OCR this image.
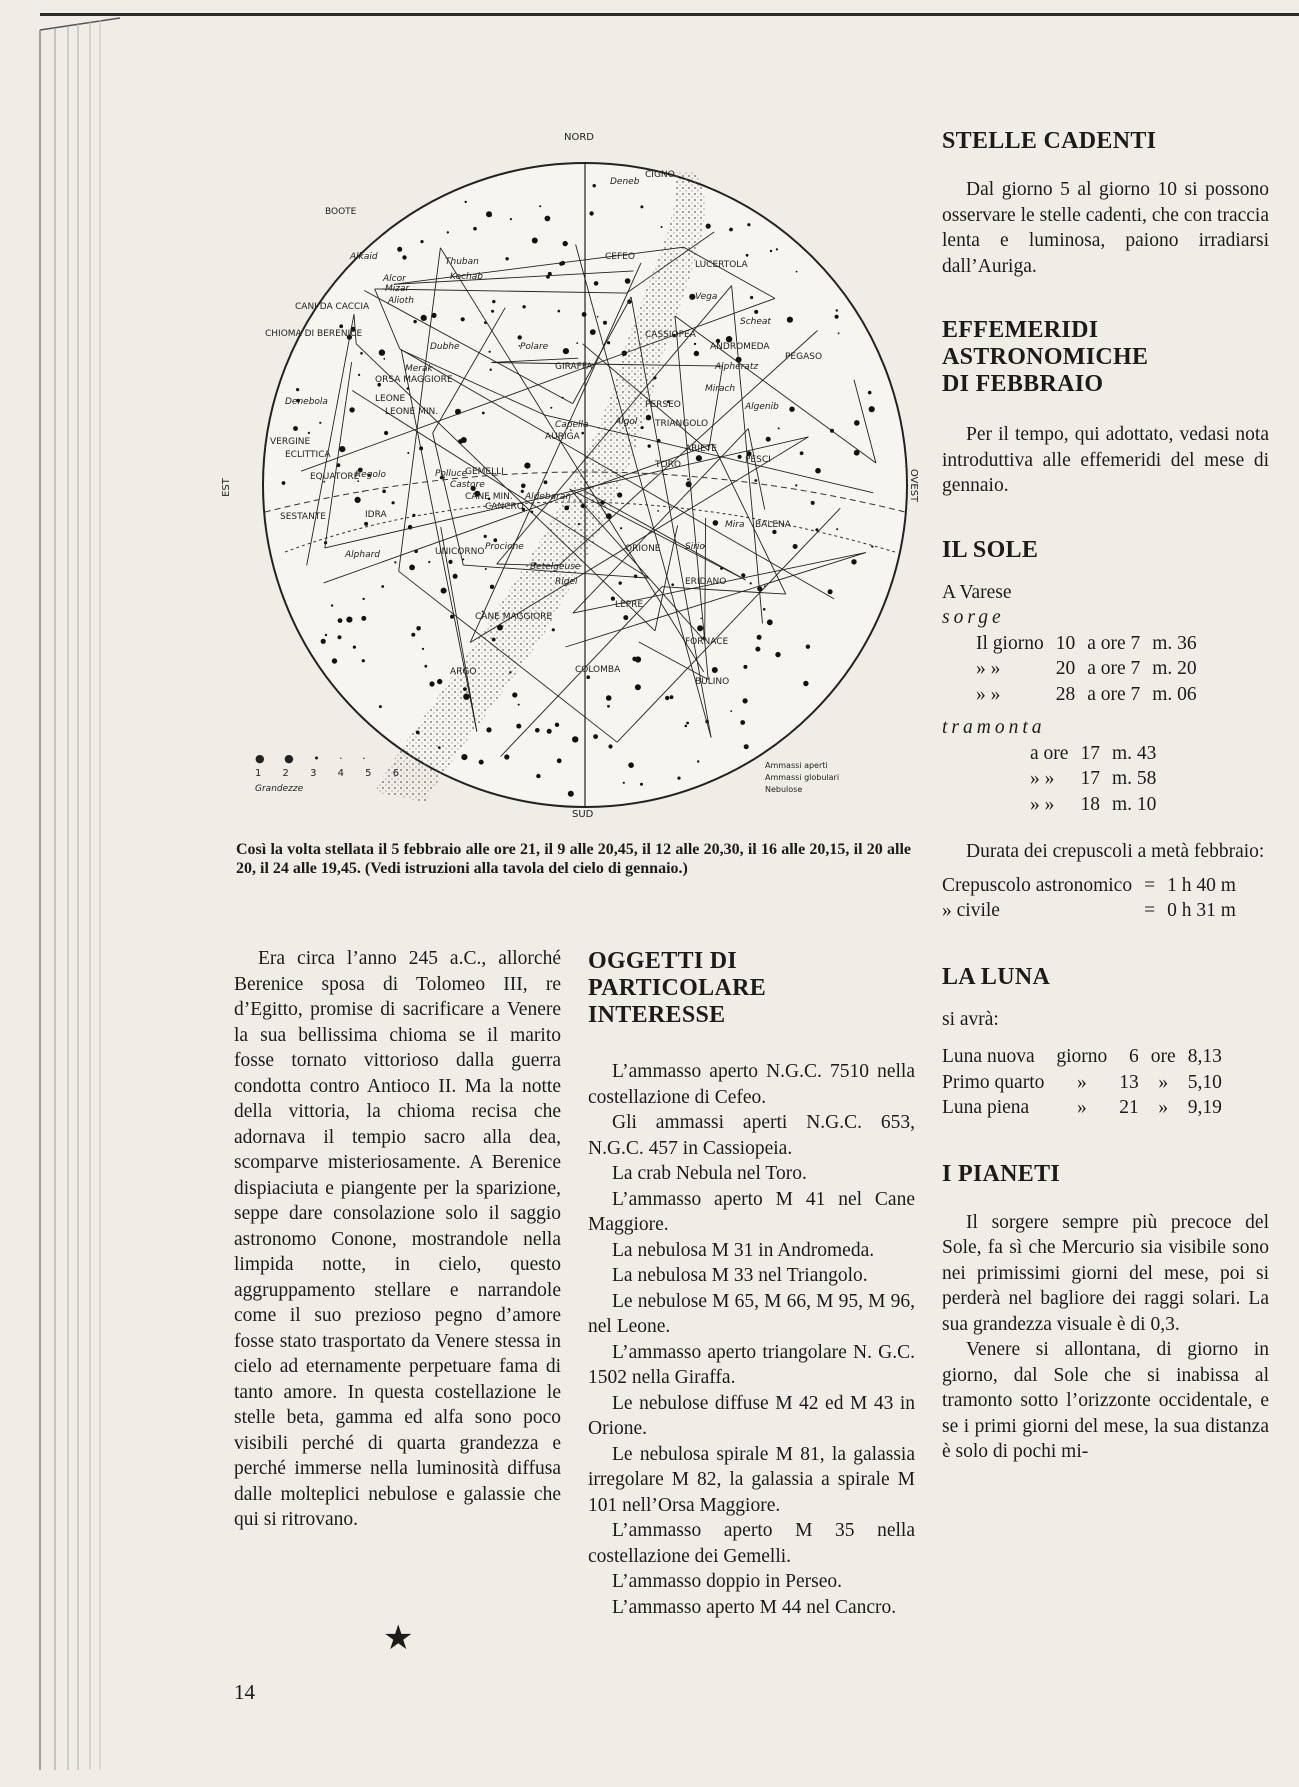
NORD
SUD
EST	OVEST
CIGNO
LUCERTOLA
CASSIOPEA
ANDROMEDA
PEGASO
PERSEO
TRIANGOLO
ARIETE
PESCI
BALENA
TORO
ORIONE
ERIDANO
LEPRE
COLOMBA
FORNACE
BULINO
AURIGA
GIRAFFA
ORSA MAGGIORE
LEONE
LEONE MIN.
VERGINE
CANI DA CACCIA
CHIOMA DI BERENICE
BOOTE
CANE MIN.
IDRA
SESTANTE
UNICORNO
CANE MAGGIORE
GEMELLI
CANCRO
ARGO
CEFEO
ECLITTICA
EQUATORE
Vega
Deneb
Polare
Capella
Aldebaran
Rigel
Sirio
Procione
Polluce
Castore
Regolo
Alphard
Dubhe
Merak
Mizar
Alcor
Alioth
Thuban
Kochab
Algol
Mirach
Alpheratz
Algenib
Scheat
Mira
Betelgeuse
Alkaid
Denebola
● ● • · ·
1 2 3 4 5 6
Grandezze
Ammassi aperti
Ammassi globulari
Nebulose
Così la volta stellata il 5 febbraio alle ore 21, il 9 alle 20,45, il 12 alle 20,30, il 16 alle 20,15, il 20 alle 20, il 24 alle 19,45. (Vedi istruzioni alla tavola del cielo di gennaio.)

Era circa l’anno 245 a.C., allorché Berenice sposa di Tolomeo III, re d’Egitto, promise di sacrificare a Venere la sua bellissima chioma se il marito fosse tornato vittorioso dalla guerra condotta contro Antioco II. Ma la notte della vittoria, la chioma recisa che adornava il tempio sacro alla dea, scomparve misteriosamente. A Berenice dispiaciuta e piangente per la sparizione, seppe dare consolazione solo il saggio astronomo Conone, mostrandole nella limpida notte, in cielo, questo aggruppamento stellare e narrandole come il suo prezioso pegno d’amore fosse stato trasportato da Venere stessa in cielo ad eternamente perpetuare fama di tanto amore. In questa costellazione le stelle beta, gamma ed alfa sono poco visibili perché di quarta grandezza e perché immerse nella luminosità diffusa dalle molteplici nebulose e galassie che qui si ritrovano.

★
14
OGGETTI DI PARTICOLARE INTERESSE

L’ammasso aperto N.G.C. 7510 nella costellazione di Cefeo.

Gli ammassi aperti N.G.C. 653, N.G.C. 457 in Cassiopeia.

La crab Nebula nel Toro.

L’ammasso aperto M 41 nel Cane Maggiore.

La nebulosa M 31 in Andromeda.

La nebulosa M 33 nel Triangolo.

Le nebulose M 65, M 66, M 95, M 96, nel Leone.

L’ammasso aperto triangolare N. G.C. 1502 nella Giraffa.

Le nebulose diffuse M 42 ed M 43 in Orione.

Le nebulosa spirale M 81, la galassia irregolare M 82, la galassia a spirale M 101 nell’Orsa Maggiore.

L’ammasso aperto M 35 nella costellazione dei Gemelli.

L’ammasso doppio in Perseo.

L’ammasso aperto M 44 nel Cancro.

STELLE CADENTI

Dal giorno 5 al giorno 10 si possono osservare le stelle cadenti, che con traccia lenta e luminosa, paiono irradiarsi dall’Auriga.

EFFEMERIDI ASTRONOMICHE DI FEBBRAIO

Per il tempo, qui adottato, vedasi nota introduttiva alle effemeridi del mese di gennaio.

IL SOLE

A Varese

sorge

Il giorno	10	a ore 7	m. 36
» »	20	a ore 7	m. 20
» »	28	a ore 7	m. 06

tramonta

a ore	17	m. 43
» »	17	m. 58
» »	18	m. 10

Durata dei crepuscoli a metà febbraio:

Crepuscolo astronomico	=	1 h 40 m
» civile	=	0 h 31 m
LA LUNA

si avrà:

Luna nuova	giorno	6	ore	8,13
Primo quarto	»	13	»	5,10
Luna piena	»	21	»	9,19
I PIANETI

Il sorgere sempre più precoce del Sole, fa sì che Mercurio sia visibile sono nei primissimi giorni del mese, poi si perderà nel bagliore dei raggi solari. La sua grandezza visuale è di 0,3.

Venere si allontana, di giorno in giorno, dal Sole che si inabissa al tramonto sotto l’orizzonte occidentale, e se i primi giorni del mese, la sua distanza è solo di pochi mi-
